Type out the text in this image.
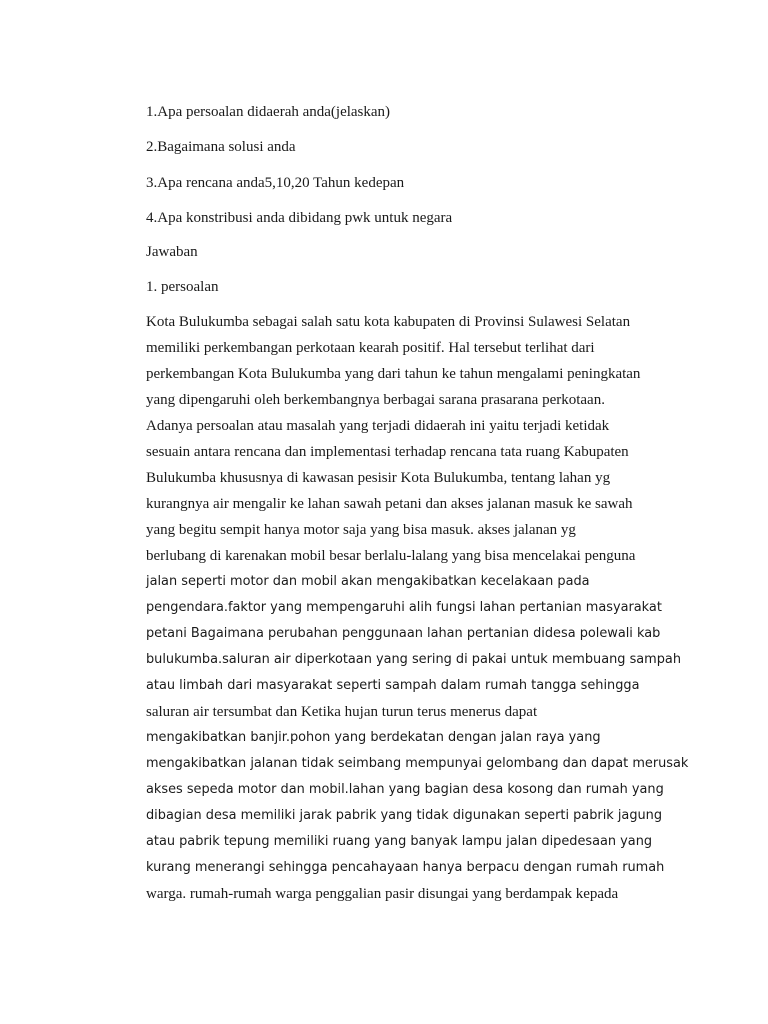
1.Apa persoalan didaerah anda(jelaskan)
2.Bagaimana solusi anda
3.Apa rencana anda5,10,20 Tahun kedepan
4.Apa konstribusi anda dibidang pwk untuk negara
Jawaban
1. persoalan
Kota Bulukumba sebagai salah satu kota kabupaten di Provinsi Sulawesi Selatan
memiliki perkembangan perkotaan kearah positif. Hal tersebut terlihat dari
perkembangan Kota Bulukumba yang dari tahun ke tahun mengalami peningkatan
yang dipengaruhi oleh berkembangnya berbagai sarana prasarana perkotaan.
Adanya persoalan atau masalah yang terjadi didaerah ini yaitu terjadi ketidak
sesuain antara rencana dan implementasi terhadap rencana tata ruang Kabupaten
Bulukumba khususnya di kawasan pesisir Kota Bulukumba, tentang lahan yg
kurangnya air mengalir ke lahan sawah petani dan akses jalanan masuk ke sawah
yang begitu sempit hanya motor saja yang bisa masuk. akses jalanan yg
berlubang di karenakan mobil besar berlalu-lalang yang bisa mencelakai penguna
jalan seperti motor dan mobil akan mengakibatkan kecelakaan pada
pengendara.faktor yang mempengaruhi alih fungsi lahan pertanian masyarakat
petani Bagaimana perubahan penggunaan lahan pertanian didesa polewali kab
bulukumba.saluran air diperkotaan yang sering di pakai untuk membuang sampah
atau limbah dari masyarakat seperti sampah dalam rumah tangga sehingga
saluran air tersumbat dan Ketika hujan turun terus menerus dapat
mengakibatkan banjir.pohon yang berdekatan dengan jalan raya yang
mengakibatkan jalanan tidak seimbang mempunyai gelombang dan dapat merusak
akses sepeda motor dan mobil.lahan yang bagian desa kosong dan rumah yang
dibagian desa memiliki jarak pabrik yang tidak digunakan seperti pabrik jagung
atau pabrik tepung memiliki ruang yang banyak lampu jalan dipedesaan yang
kurang menerangi sehingga pencahayaan hanya berpacu dengan rumah rumah
warga. rumah-rumah warga penggalian pasir disungai yang berdampak kepada
